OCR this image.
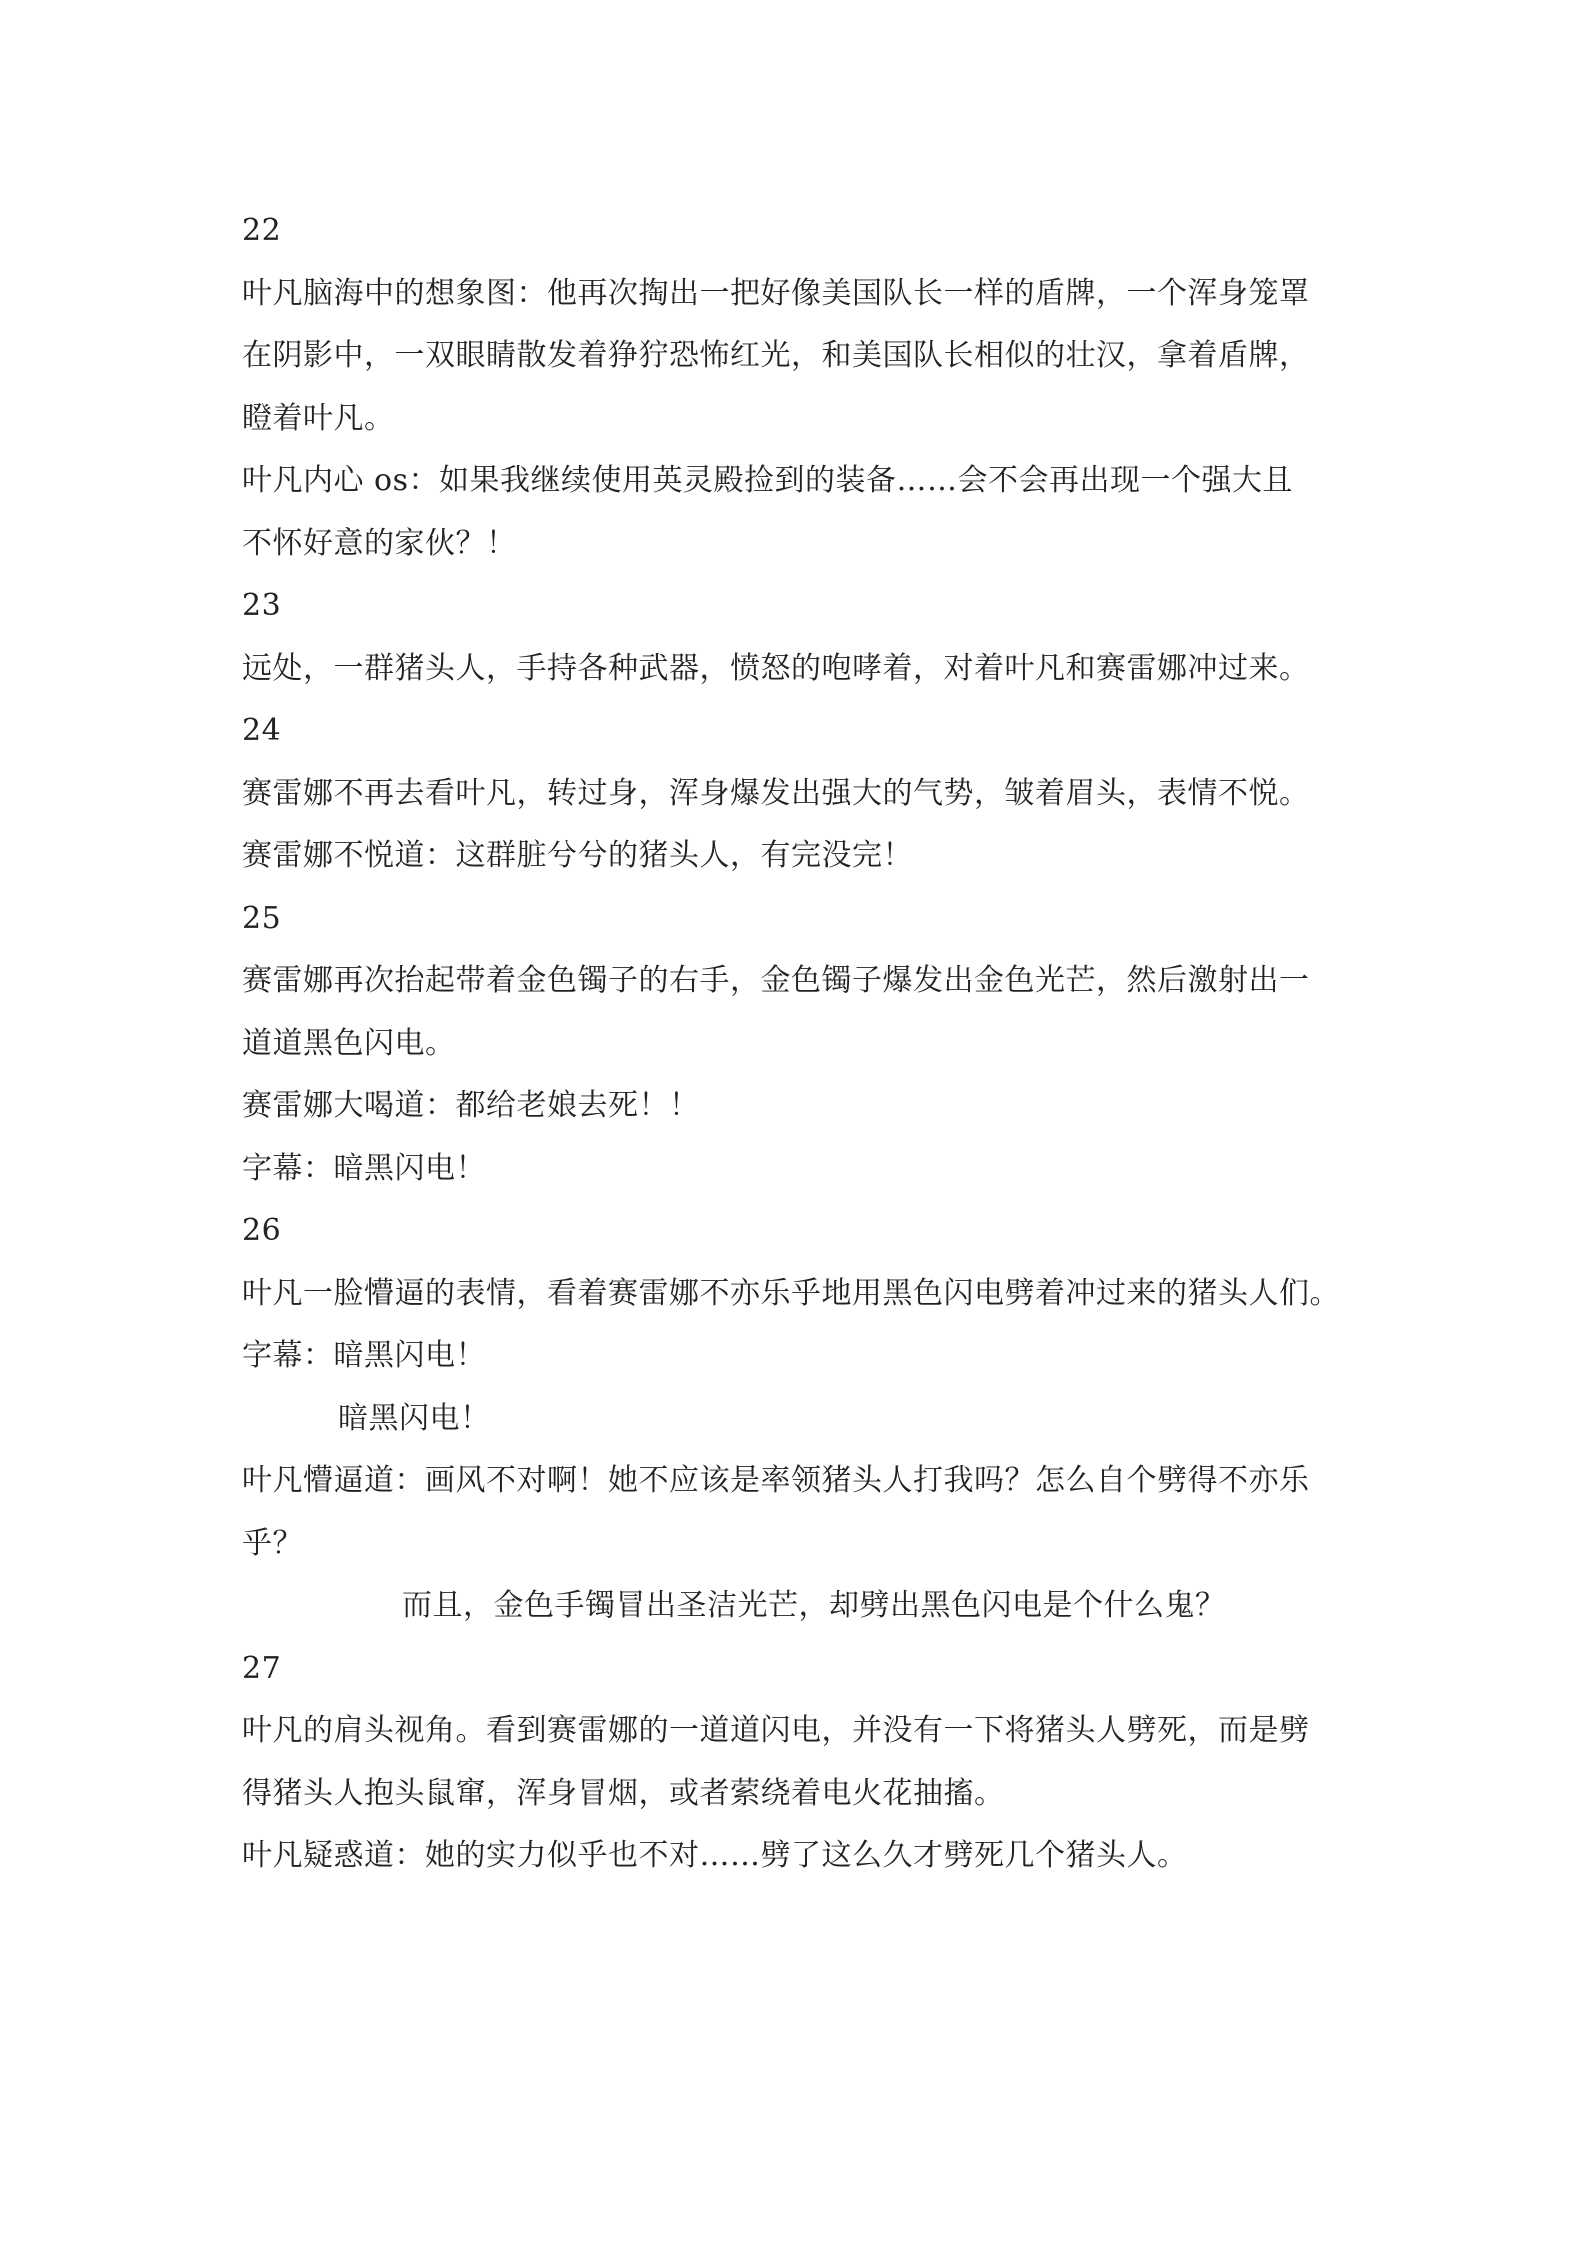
22
叶凡脑海中的想象图：他再次掏出一把好像美国队长一样的盾牌，一个浑身笼罩
在阴影中，一双眼睛散发着狰狞恐怖红光，和美国队长相似的壮汉，拿着盾牌，
瞪着叶凡。
叶凡内心 os：如果我继续使用英灵殿捡到的装备……会不会再出现一个强大且
不怀好意的家伙？！
23
远处，一群猪头人，手持各种武器，愤怒的咆哮着，对着叶凡和赛雷娜冲过来。
24
赛雷娜不再去看叶凡，转过身，浑身爆发出强大的气势，皱着眉头，表情不悦。
赛雷娜不悦道：这群脏兮兮的猪头人，有完没完！
25
赛雷娜再次抬起带着金色镯子的右手，金色镯子爆发出金色光芒，然后激射出一
道道黑色闪电。
赛雷娜大喝道：都给老娘去死！！
字幕：暗黑闪电！
26
叶凡一脸懵逼的表情，看着赛雷娜不亦乐乎地用黑色闪电劈着冲过来的猪头人们。
字幕：暗黑闪电！
暗黑闪电！
叶凡懵逼道：画风不对啊！她不应该是率领猪头人打我吗？怎么自个劈得不亦乐
乎？
而且，金色手镯冒出圣洁光芒，却劈出黑色闪电是个什么鬼？
27
叶凡的肩头视角。看到赛雷娜的一道道闪电，并没有一下将猪头人劈死，而是劈
得猪头人抱头鼠窜，浑身冒烟，或者萦绕着电火花抽搐。
叶凡疑惑道：她的实力似乎也不对……劈了这么久才劈死几个猪头人。
